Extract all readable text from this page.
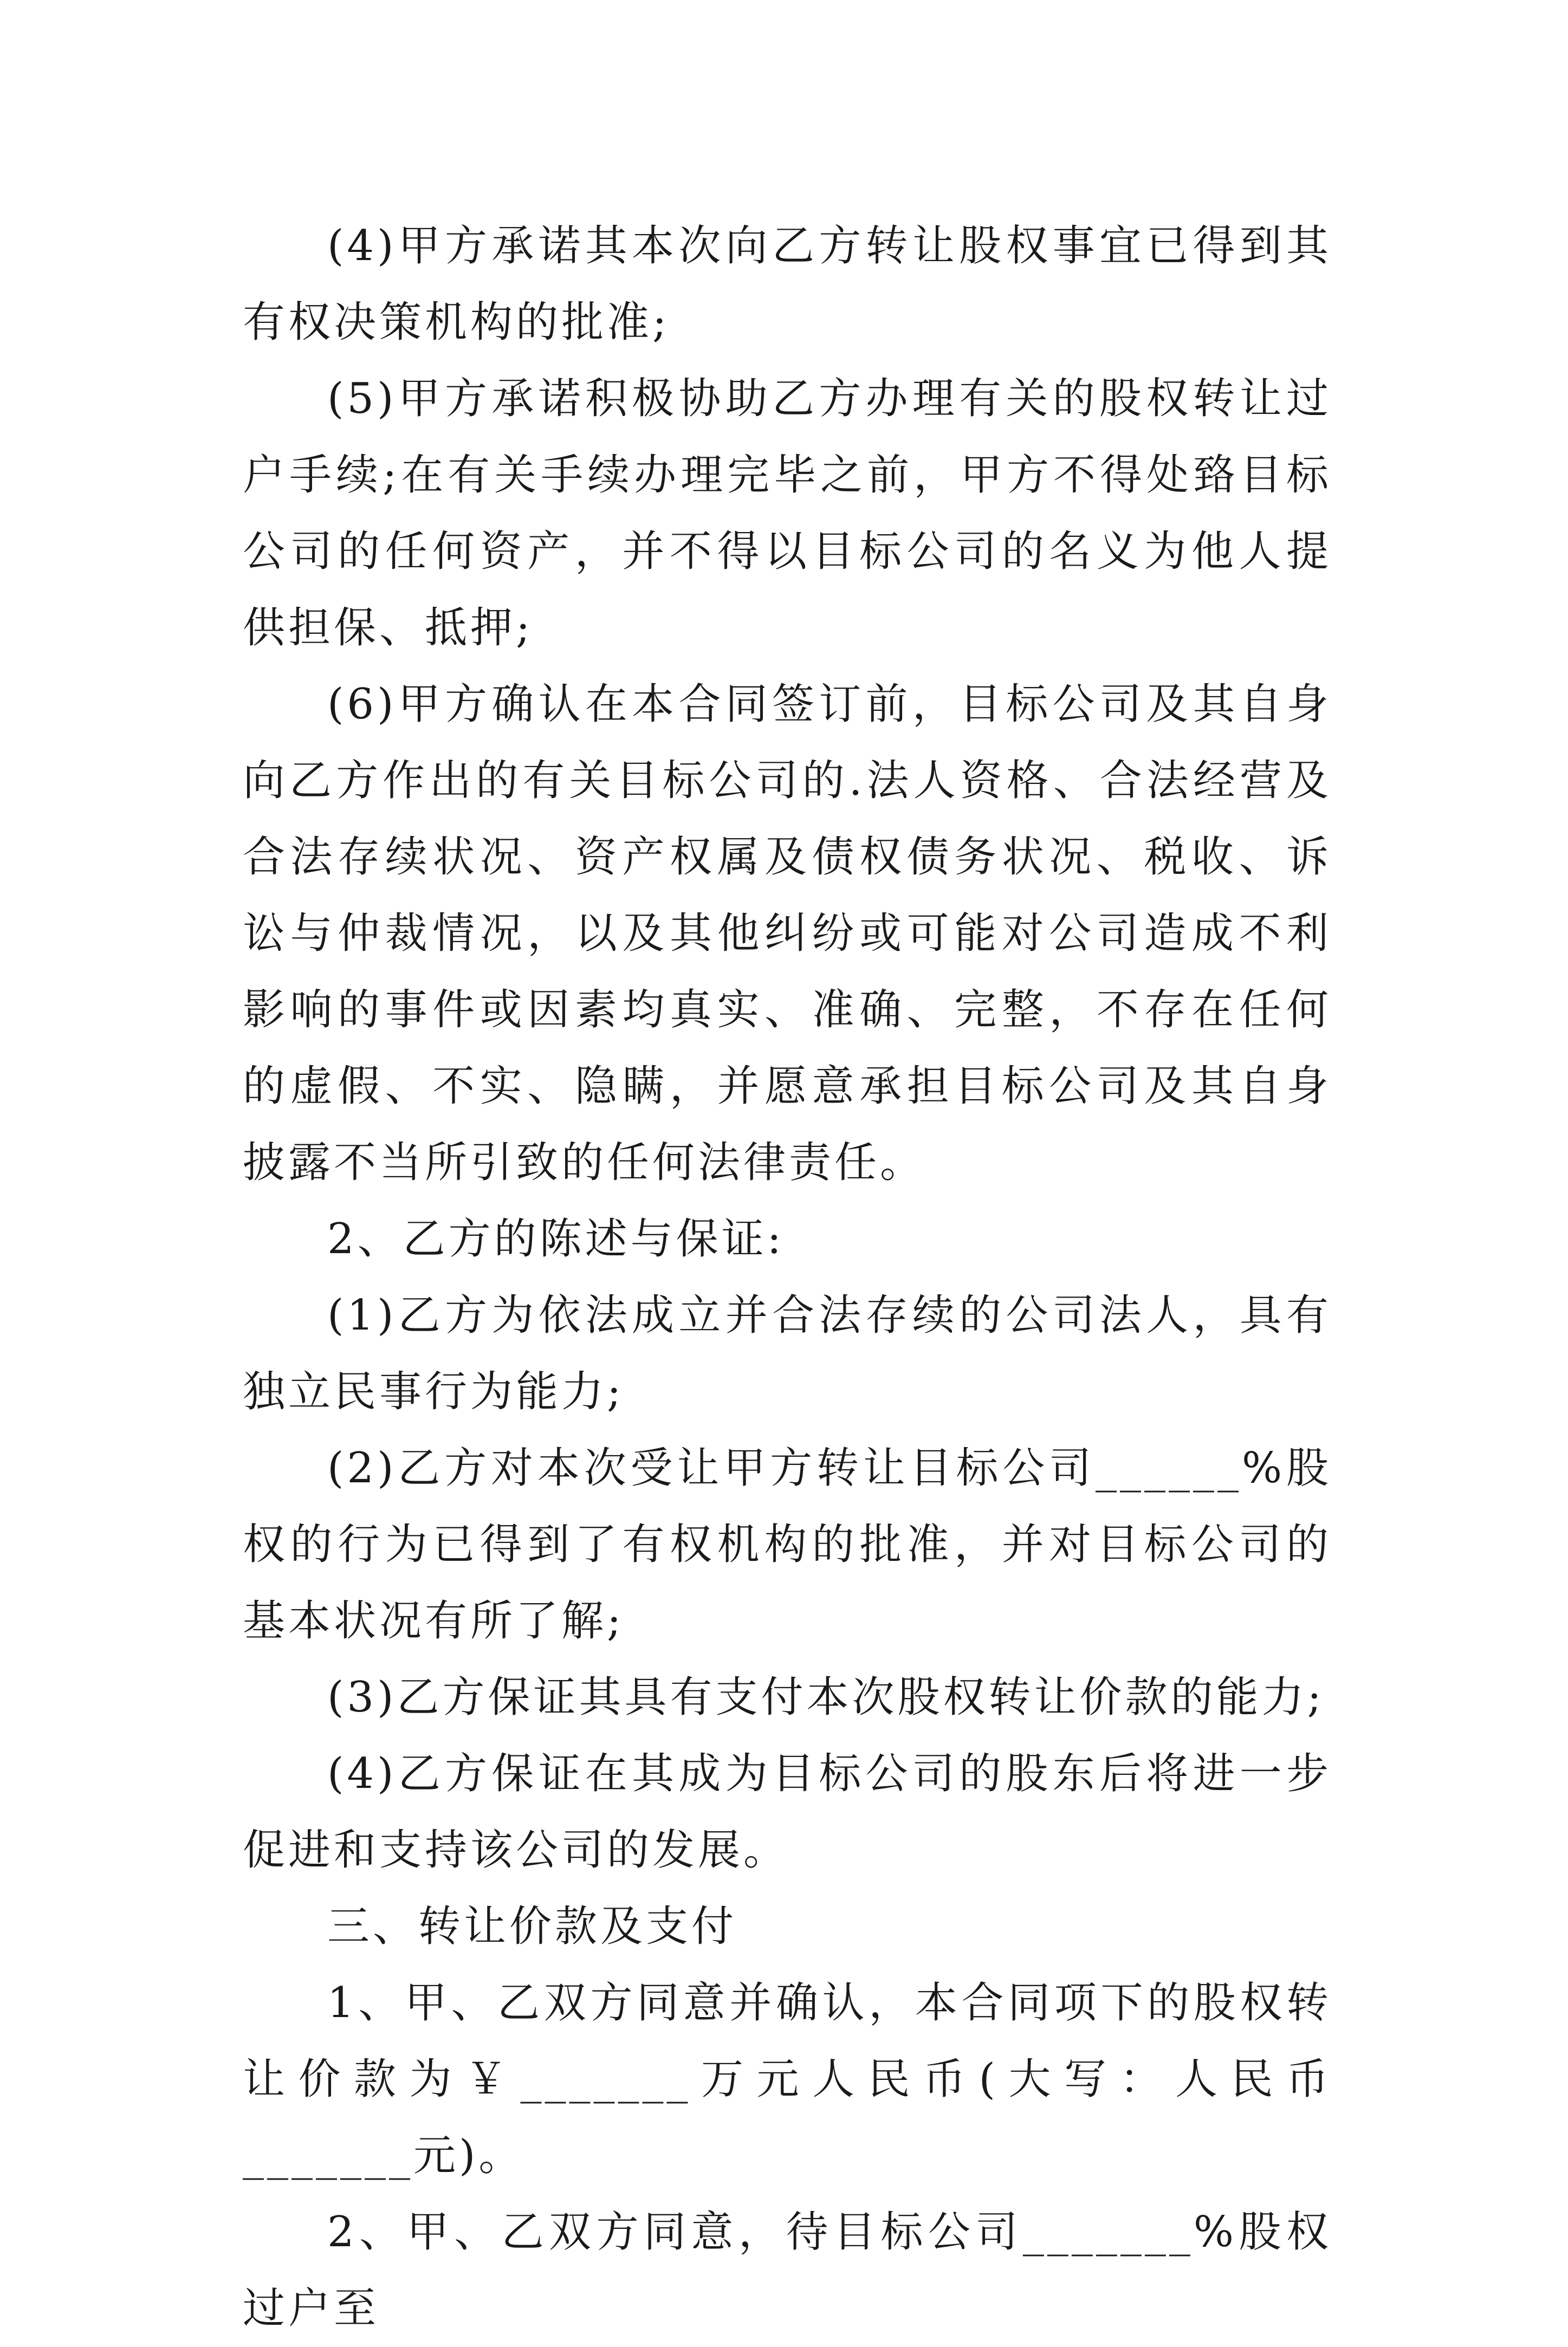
(4)甲方承诺其本次向乙方转让股权事宜已得到其有权决策机构的批准;

(5)甲方承诺积极协助乙方办理有关的股权转让过户手续;在有关手续办理完毕之前，甲方不得处臵目标公司的任何资产，并不得以目标公司的名义为他人提供担保、抵押;

(6)甲方确认在本合同签订前，目标公司及其自身向乙方作出的有关目标公司的.法人资格、合法经营及合法存续状况、资产权属及债权债务状况、税收、诉讼与仲裁情况，以及其他纠纷或可能对公司造成不利影响的事件或因素均真实、准确、完整，不存在任何的虚假、不实、隐瞒，并愿意承担目标公司及其自身披露不当所引致的任何法律责任。

2、乙方的陈述与保证:

(1)乙方为依法成立并合法存续的公司法人，具有独立民事行为能力;

(2)乙方对本次受让甲方转让目标公司______%股权的行为已得到了有权机构的批准，并对目标公司的基本状况有所了解;

(3)乙方保证其具有支付本次股权转让价款的能力;

(4)乙方保证在其成为目标公司的股东后将进一步促进和支持该公司的发展。

三、转让价款及支付

1、甲、乙双方同意并确认，本合同项下的股权转让价款为￥_______万元人民币(大写：人民币_______元)。

2、甲、乙双方同意，待目标公司_______%股权过户至
